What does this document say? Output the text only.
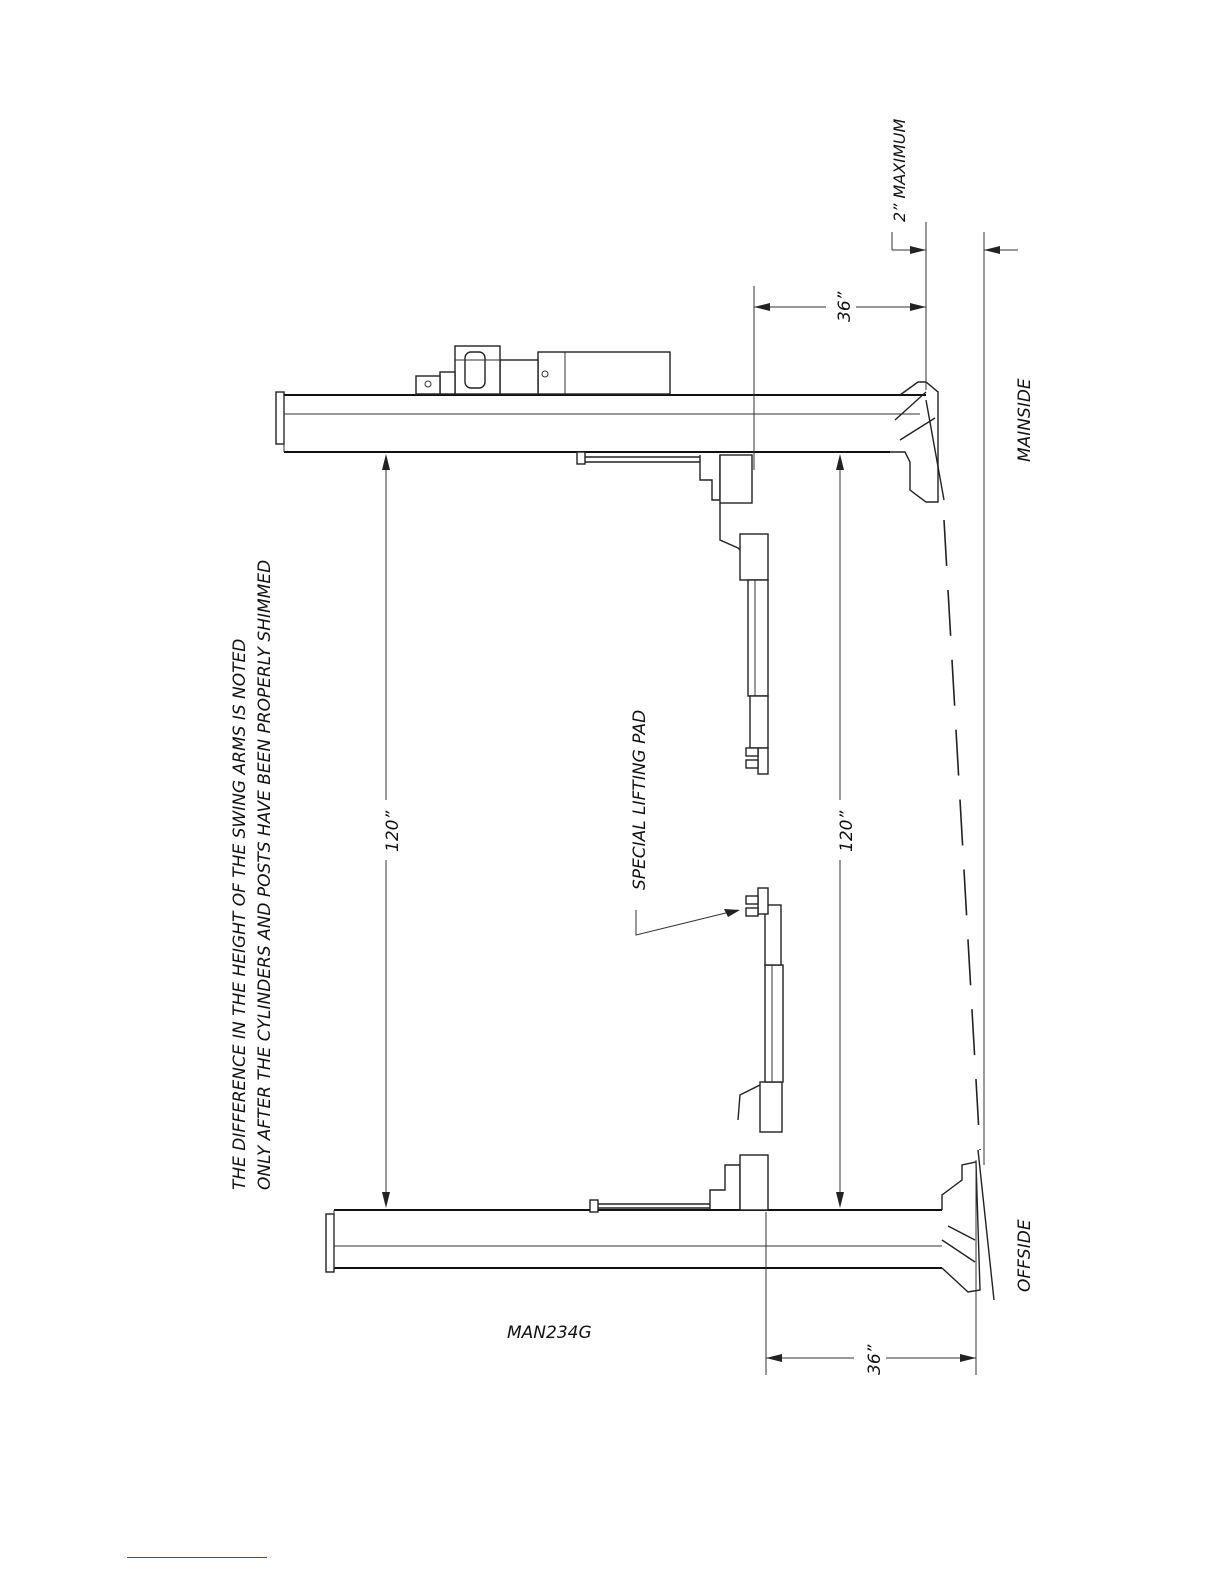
THE DIFFERENCE IN THE HEIGHT OF THE SWING ARMS IS NOTED ONLY AFTER THE CYLINDERS AND POSTS HAVE BEEN PROPERLY SHIMMED	120”	120”
36”
36”
2” MAXIMUM
SPECIAL LIFTING PAD
MAINSIDE
OFFSIDE
MAN234G
